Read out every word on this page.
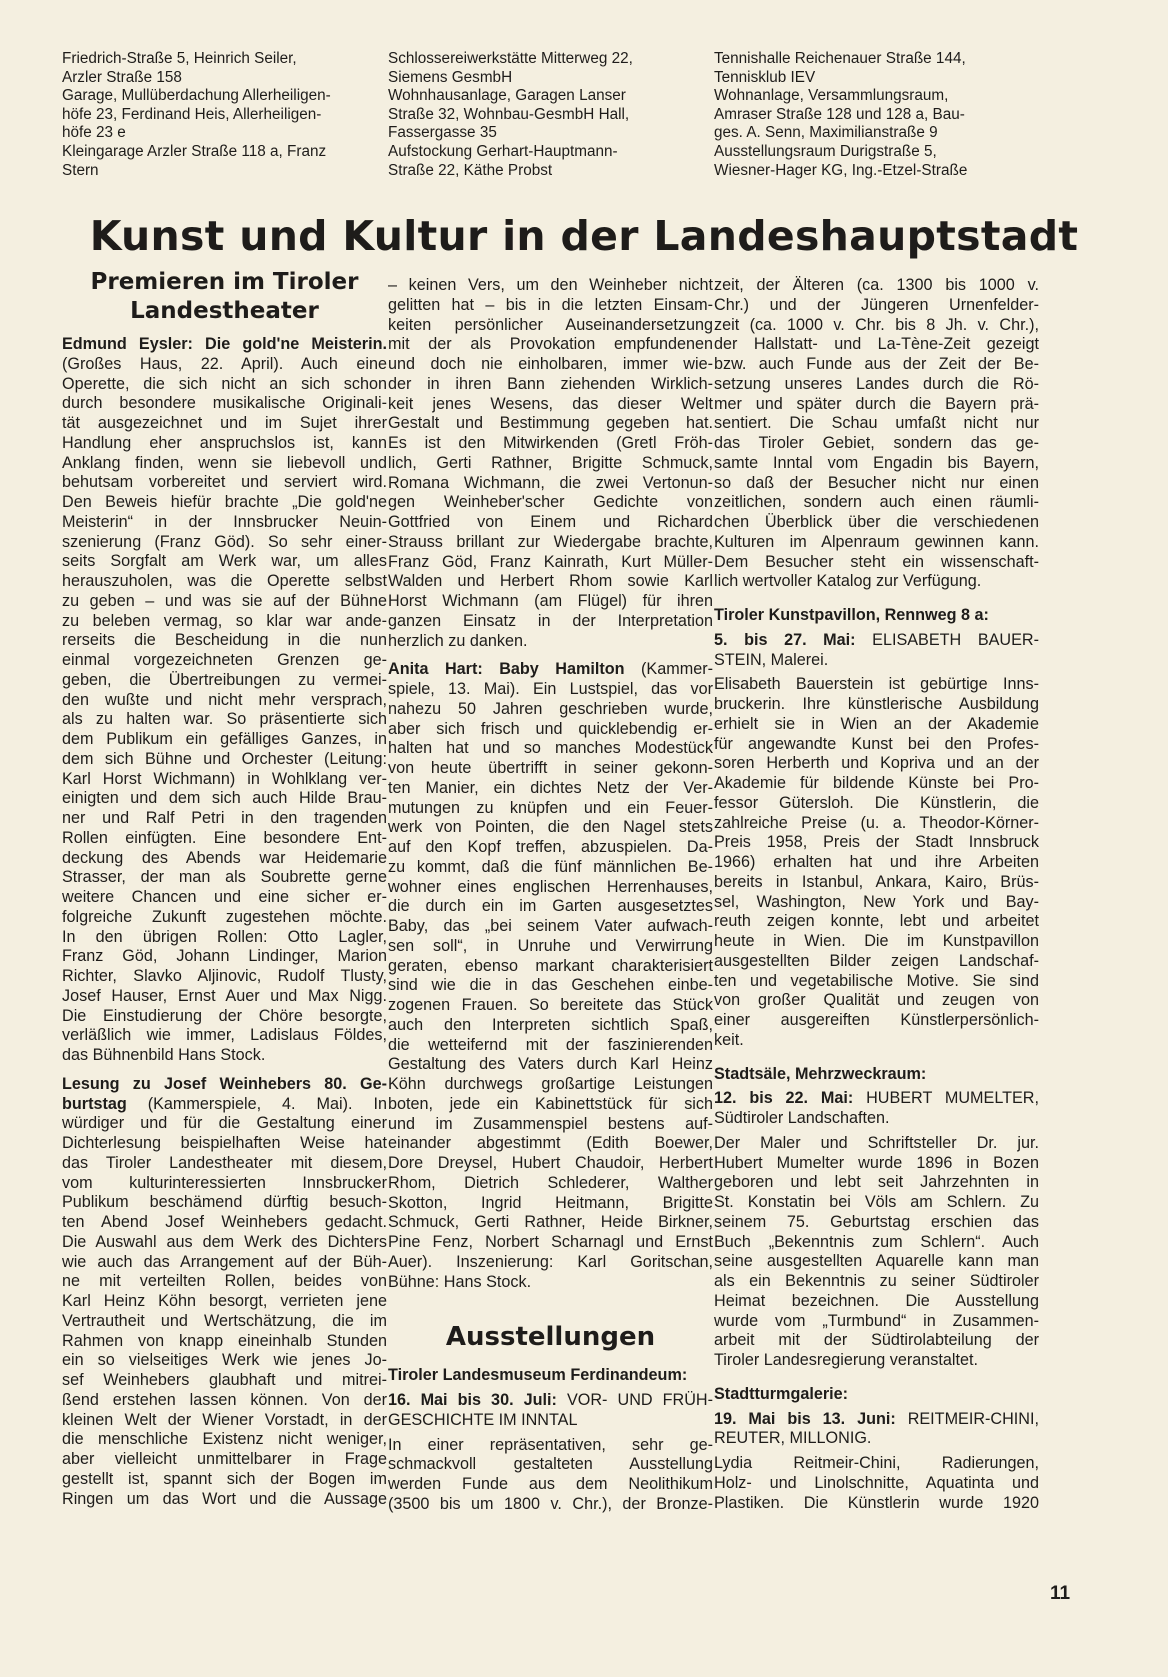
Friedrich-Straße 5, Heinrich Seiler,
Arzler Straße 158
Garage, Mullüberdachung Allerheiligen-
höfe 23, Ferdinand Heis, Allerheiligen-
höfe 23 e
Kleingarage Arzler Straße 118 a, Franz
Stern
Schlossereiwerkstätte Mitterweg 22,
Siemens GesmbH
Wohnhausanlage, Garagen Lanser
Straße 32, Wohnbau-GesmbH Hall,
Fassergasse 35
Aufstockung Gerhart-Hauptmann-
Straße 22, Käthe Probst
Tennishalle Reichenauer Straße 144,
Tennisklub IEV
Wohnanlage, Versammlungsraum,
Amraser Straße 128 und 128 a, Bau-
ges. A. Senn, Maximilianstraße 9
Ausstellungsraum Durigstraße 5,
Wiesner-Hager KG, Ing.-Etzel-Straße
Kunst und Kultur in der Landeshauptstadt
Premieren im Tiroler
Landestheater
Edmund Eysler: Die gold'ne Meisterin.
(Großes Haus, 22. April). Auch eine
Operette, die sich nicht an sich schon
durch besondere musikalische Originali-
tät ausgezeichnet und im Sujet ihrer
Handlung eher anspruchslos ist, kann
Anklang finden, wenn sie liebevoll und
behutsam vorbereitet und serviert wird.
Den Beweis hiefür brachte „Die gold'ne
Meisterin“ in der Innsbrucker Neuin-
szenierung (Franz Göd). So sehr einer-
seits Sorgfalt am Werk war, um alles
herauszuholen, was die Operette selbst
zu geben – und was sie auf der Bühne
zu beleben vermag, so klar war ande-
rerseits die Bescheidung in die nun
einmal vorgezeichneten Grenzen ge-
geben, die Übertreibungen zu vermei-
den wußte und nicht mehr versprach,
als zu halten war. So präsentierte sich
dem Publikum ein gefälliges Ganzes, in
dem sich Bühne und Orchester (Leitung:
Karl Horst Wichmann) in Wohlklang ver-
einigten und dem sich auch Hilde Brau-
ner und Ralf Petri in den tragenden
Rollen einfügten. Eine besondere Ent-
deckung des Abends war Heidemarie
Strasser, der man als Soubrette gerne
weitere Chancen und eine sicher er-
folgreiche Zukunft zugestehen möchte.
In den übrigen Rollen: Otto Lagler,
Franz Göd, Johann Lindinger, Marion
Richter, Slavko Aljinovic, Rudolf Tlusty,
Josef Hauser, Ernst Auer und Max Nigg.
Die Einstudierung der Chöre besorgte,
verläßlich wie immer, Ladislaus Földes,
das Bühnenbild Hans Stock.
Lesung zu Josef Weinhebers 80. Ge-
burtstag (Kammerspiele, 4. Mai). In
würdiger und für die Gestaltung einer
Dichterlesung beispielhaften Weise hat
das Tiroler Landestheater mit diesem,
vom kulturinteressierten Innsbrucker
Publikum beschämend dürftig besuch-
ten Abend Josef Weinhebers gedacht.
Die Auswahl aus dem Werk des Dichters
wie auch das Arrangement auf der Büh-
ne mit verteilten Rollen, beides von
Karl Heinz Köhn besorgt, verrieten jene
Vertrautheit und Wertschätzung, die im
Rahmen von knapp eineinhalb Stunden
ein so vielseitiges Werk wie jenes Jo-
sef Weinhebers glaubhaft und mitrei-
ßend erstehen lassen können. Von der
kleinen Welt der Wiener Vorstadt, in der
die menschliche Existenz nicht weniger,
aber vielleicht unmittelbarer in Frage
gestellt ist, spannt sich der Bogen im
Ringen um das Wort und die Aussage
– keinen Vers, um den Weinheber nicht
gelitten hat – bis in die letzten Einsam-
keiten persönlicher Auseinandersetzung
mit der als Provokation empfundenen
und doch nie einholbaren, immer wie-
der in ihren Bann ziehenden Wirklich-
keit jenes Wesens, das dieser Welt
Gestalt und Bestimmung gegeben hat.
Es ist den Mitwirkenden (Gretl Fröh-
lich, Gerti Rathner, Brigitte Schmuck,
Romana Wichmann, die zwei Vertonun-
gen Weinheber'scher Gedichte von
Gottfried von Einem und Richard
Strauss brillant zur Wiedergabe brachte,
Franz Göd, Franz Kainrath, Kurt Müller-
Walden und Herbert Rhom sowie Karl
Horst Wichmann (am Flügel) für ihren
ganzen Einsatz in der Interpretation
herzlich zu danken.
Anita Hart: Baby Hamilton (Kammer-
spiele, 13. Mai). Ein Lustspiel, das vor
nahezu 50 Jahren geschrieben wurde,
aber sich frisch und quicklebendig er-
halten hat und so manches Modestück
von heute übertrifft in seiner gekonn-
ten Manier, ein dichtes Netz der Ver-
mutungen zu knüpfen und ein Feuer-
werk von Pointen, die den Nagel stets
auf den Kopf treffen, abzuspielen. Da-
zu kommt, daß die fünf männlichen Be-
wohner eines englischen Herrenhauses,
die durch ein im Garten ausgesetztes
Baby, das „bei seinem Vater aufwach-
sen soll“, in Unruhe und Verwirrung
geraten, ebenso markant charakterisiert
sind wie die in das Geschehen einbe-
zogenen Frauen. So bereitete das Stück
auch den Interpreten sichtlich Spaß,
die wetteifernd mit der faszinierenden
Gestaltung des Vaters durch Karl Heinz
Köhn durchwegs großartige Leistungen
boten, jede ein Kabinettstück für sich
und im Zusammenspiel bestens auf-
einander abgestimmt (Edith Boewer,
Dore Dreysel, Hubert Chaudoir, Herbert
Rhom, Dietrich Schlederer, Walther
Skotton, Ingrid Heitmann, Brigitte
Schmuck, Gerti Rathner, Heide Birkner,
Pine Fenz, Norbert Scharnagl und Ernst
Auer). Inszenierung: Karl Goritschan,
Bühne: Hans Stock.
Ausstellungen
Tiroler Landesmuseum Ferdinandeum:
16. Mai bis 30. Juli: VOR- UND FRÜH-
GESCHICHTE IM INNTAL
In einer repräsentativen, sehr ge-
schmackvoll gestalteten Ausstellung
werden Funde aus dem Neolithikum
(3500 bis um 1800 v. Chr.), der Bronze-
zeit, der Älteren (ca. 1300 bis 1000 v.
Chr.) und der Jüngeren Urnenfelder-
zeit (ca. 1000 v. Chr. bis 8 Jh. v. Chr.),
der Hallstatt- und La-Tène-Zeit gezeigt
bzw. auch Funde aus der Zeit der Be-
setzung unseres Landes durch die Rö-
mer und später durch die Bayern prä-
sentiert. Die Schau umfaßt nicht nur
das Tiroler Gebiet, sondern das ge-
samte Inntal vom Engadin bis Bayern,
so daß der Besucher nicht nur einen
zeitlichen, sondern auch einen räumli-
chen Überblick über die verschiedenen
Kulturen im Alpenraum gewinnen kann.
Dem Besucher steht ein wissenschaft-
lich wertvoller Katalog zur Verfügung.
Tiroler Kunstpavillon, Rennweg 8 a:
5. bis 27. Mai: ELISABETH BAUER-
STEIN, Malerei.
Elisabeth Bauerstein ist gebürtige Inns-
bruckerin. Ihre künstlerische Ausbildung
erhielt sie in Wien an der Akademie
für angewandte Kunst bei den Profes-
soren Herberth und Kopriva und an der
Akademie für bildende Künste bei Pro-
fessor Gütersloh. Die Künstlerin, die
zahlreiche Preise (u. a. Theodor-Körner-
Preis 1958, Preis der Stadt Innsbruck
1966) erhalten hat und ihre Arbeiten
bereits in Istanbul, Ankara, Kairo, Brüs-
sel, Washington, New York und Bay-
reuth zeigen konnte, lebt und arbeitet
heute in Wien. Die im Kunstpavillon
ausgestellten Bilder zeigen Landschaf-
ten und vegetabilische Motive. Sie sind
von großer Qualität und zeugen von
einer ausgereiften Künstlerpersönlich-
keit.
Stadtsäle, Mehrzweckraum:
12. bis 22. Mai: HUBERT MUMELTER,
Südtiroler Landschaften.
Der Maler und Schriftsteller Dr. jur.
Hubert Mumelter wurde 1896 in Bozen
geboren und lebt seit Jahrzehnten in
St. Konstatin bei Völs am Schlern. Zu
seinem 75. Geburtstag erschien das
Buch „Bekenntnis zum Schlern“. Auch
seine ausgestellten Aquarelle kann man
als ein Bekenntnis zu seiner Südtiroler
Heimat bezeichnen. Die Ausstellung
wurde vom „Turmbund“ in Zusammen-
arbeit mit der Südtirolabteilung der
Tiroler Landesregierung veranstaltet.
Stadtturmgalerie:
19. Mai bis 13. Juni: REITMEIR-CHINI,
REUTER, MILLONIG.
Lydia Reitmeir-Chini, Radierungen,
Holz- und Linolschnitte, Aquatinta und
Plastiken. Die Künstlerin wurde 1920
11
